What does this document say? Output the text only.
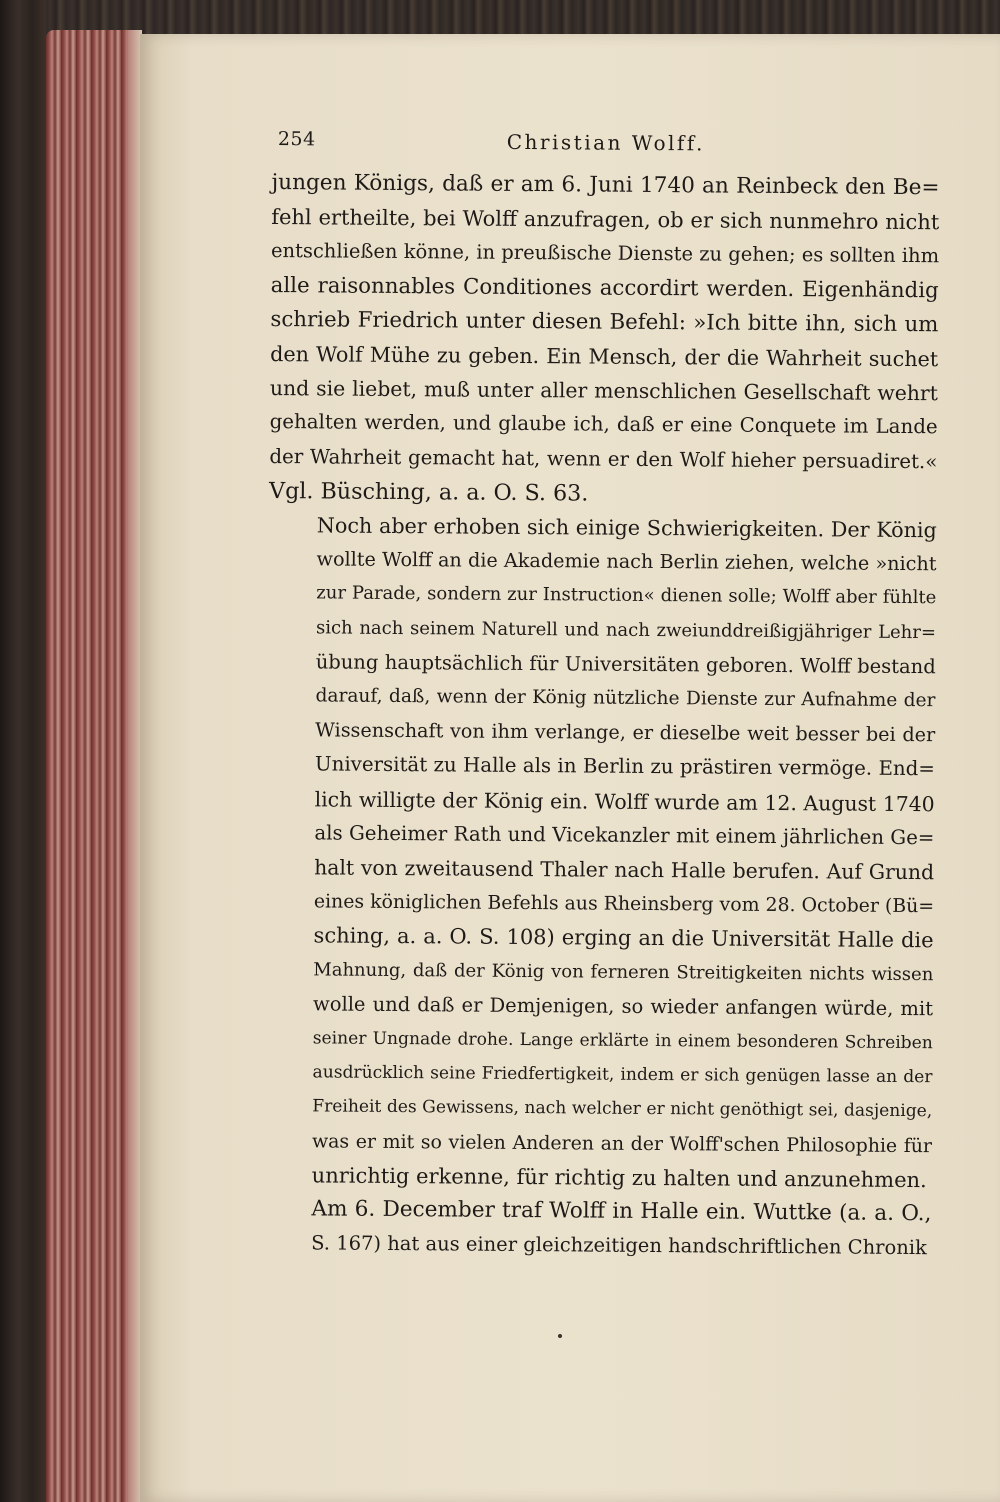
254	Christian Wolff.

jungen Königs, daß er am 6. Juni 1740 an Reinbeck den Be=
fehl ertheilte, bei Wolff anzufragen, ob er sich nunmehro nicht
entschließen könne, in preußische Dienste zu gehen; es sollten ihm
alle raisonnables Conditiones accordirt werden. Eigenhändig
schrieb Friedrich unter diesen Befehl: »Ich bitte ihn, sich um
den Wolf Mühe zu geben. Ein Mensch, der die Wahrheit suchet
und sie liebet, muß unter aller menschlichen Gesellschaft wehrt
gehalten werden, und glaube ich, daß er eine Conquete im Lande
der Wahrheit gemacht hat, wenn er den Wolf hieher persuadiret.«
Vgl. Büsching, a. a. O. S. 63.

Noch aber erhoben sich einige Schwierigkeiten. Der König
wollte Wolff an die Akademie nach Berlin ziehen, welche »nicht
zur Parade, sondern zur Instruction« dienen solle; Wolff aber fühlte
sich nach seinem Naturell und nach zweiunddreißigjähriger Lehr=
übung hauptsächlich für Universitäten geboren. Wolff bestand
darauf, daß, wenn der König nützliche Dienste zur Aufnahme der
Wissenschaft von ihm verlange, er dieselbe weit besser bei der
Universität zu Halle als in Berlin zu prästiren vermöge. End=
lich willigte der König ein. Wolff wurde am 12. August 1740
als Geheimer Rath und Vicekanzler mit einem jährlichen Ge=
halt von zweitausend Thaler nach Halle berufen. Auf Grund
eines königlichen Befehls aus Rheinsberg vom 28. October (Bü=
sching, a. a. O. S. 108) erging an die Universität Halle die
Mahnung, daß der König von ferneren Streitigkeiten nichts wissen
wolle und daß er Demjenigen, so wieder anfangen würde, mit
seiner Ungnade drohe. Lange erklärte in einem besonderen Schreiben
ausdrücklich seine Friedfertigkeit, indem er sich genügen lasse an der
Freiheit des Gewissens, nach welcher er nicht genöthigt sei, dasjenige,
was er mit so vielen Anderen an der Wolff'schen Philosophie für
unrichtig erkenne, für richtig zu halten und anzunehmen.

Am 6. December traf Wolff in Halle ein. Wuttke (a. a. O.,
S. 167) hat aus einer gleichzeitigen handschriftlichen Chronik
